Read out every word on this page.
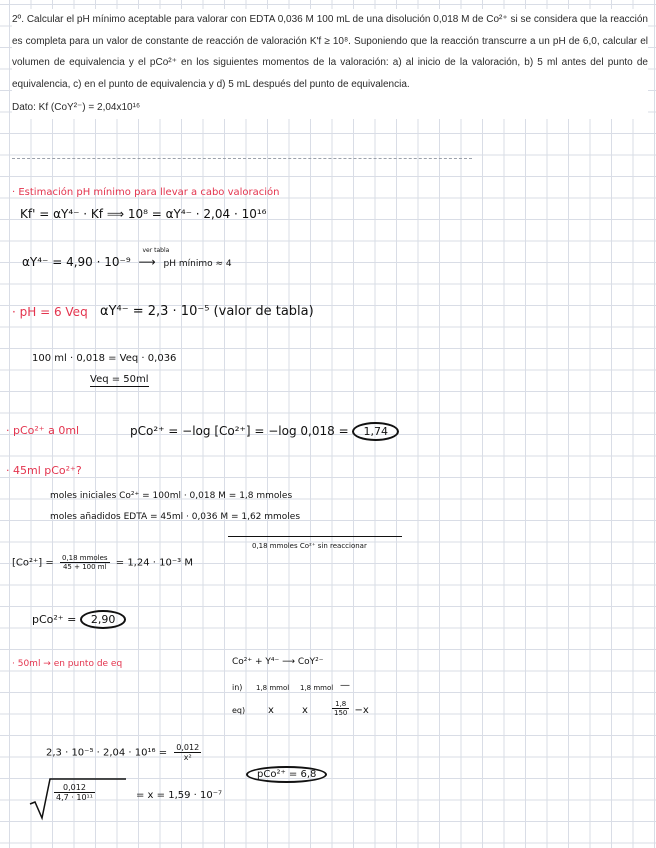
2º. Calcular el pH mínimo aceptable para valorar con EDTA 0,036 M 100 mL de una disolución 0,018 M de Co²⁺ si se considera que la reacción es completa para un valor de constante de reacción de valoración K'f ≥ 10⁸. Suponiendo que la reacción transcurre a un pH de 6,0, calcular el volumen de equivalencia y el pCo²⁺ en los siguientes momentos de la valoración: a) al inicio de la valoración, b) 5 ml antes del punto de equivalencia, c) en el punto de equivalencia y d) 5 mL después del punto de equivalencia.

Dato: Kf (CoY²⁻) = 2,04x10¹⁶

· Estimación pH mínimo para llevar a cabo valoración
Kf' = αY⁴⁻ · Kf ⟹ 10⁸ = αY⁴⁻ · 2,04 · 10¹⁶
αY⁴⁻ = 4,90 · 10⁻⁹
ver tabla
⟶ pH mínimo ≈ 4
· pH = 6 Veq αY⁴⁻ = 2,3 · 10⁻⁵ (valor de tabla)
100 ml · 0,018 = Veq · 0,036
Veq = 50ml
· pCo²⁺ a 0ml	pCo²⁺ = −log [Co²⁺] = −log 0,018 = 1,74
· 45ml pCo²⁺?
moles iniciales Co²⁺ = 100ml · 0,018 M = 1,8 mmoles
moles añadidos EDTA = 45ml · 0,036 M = 1,62 mmoles
0,18 mmoles Co²⁺ sin reaccionar
$[Co^{2+}] = \frac{\text{0,18 mmoles}}{45 + 100 ml} = 1,24 \cdot 10^{-3}$ M
pCo²⁺ = 2,90
· 50ml → en punto de eq	Co²⁺ + Y⁴⁻ ⟶ CoY²⁻
in) 1,8 mmol 1,8 mmol —
eq) x	x	$\frac{1,8}{150} -x$
$2,3 \cdot 10^{-5} \cdot 2,04 \cdot 10^{16} = \frac{0,012}{\text{x²}}$
$\frac{0,012}{\text{4,7 · 10¹¹}}$	= x = 1,59 · 10⁻⁷
pCo²⁺ = 6,8
